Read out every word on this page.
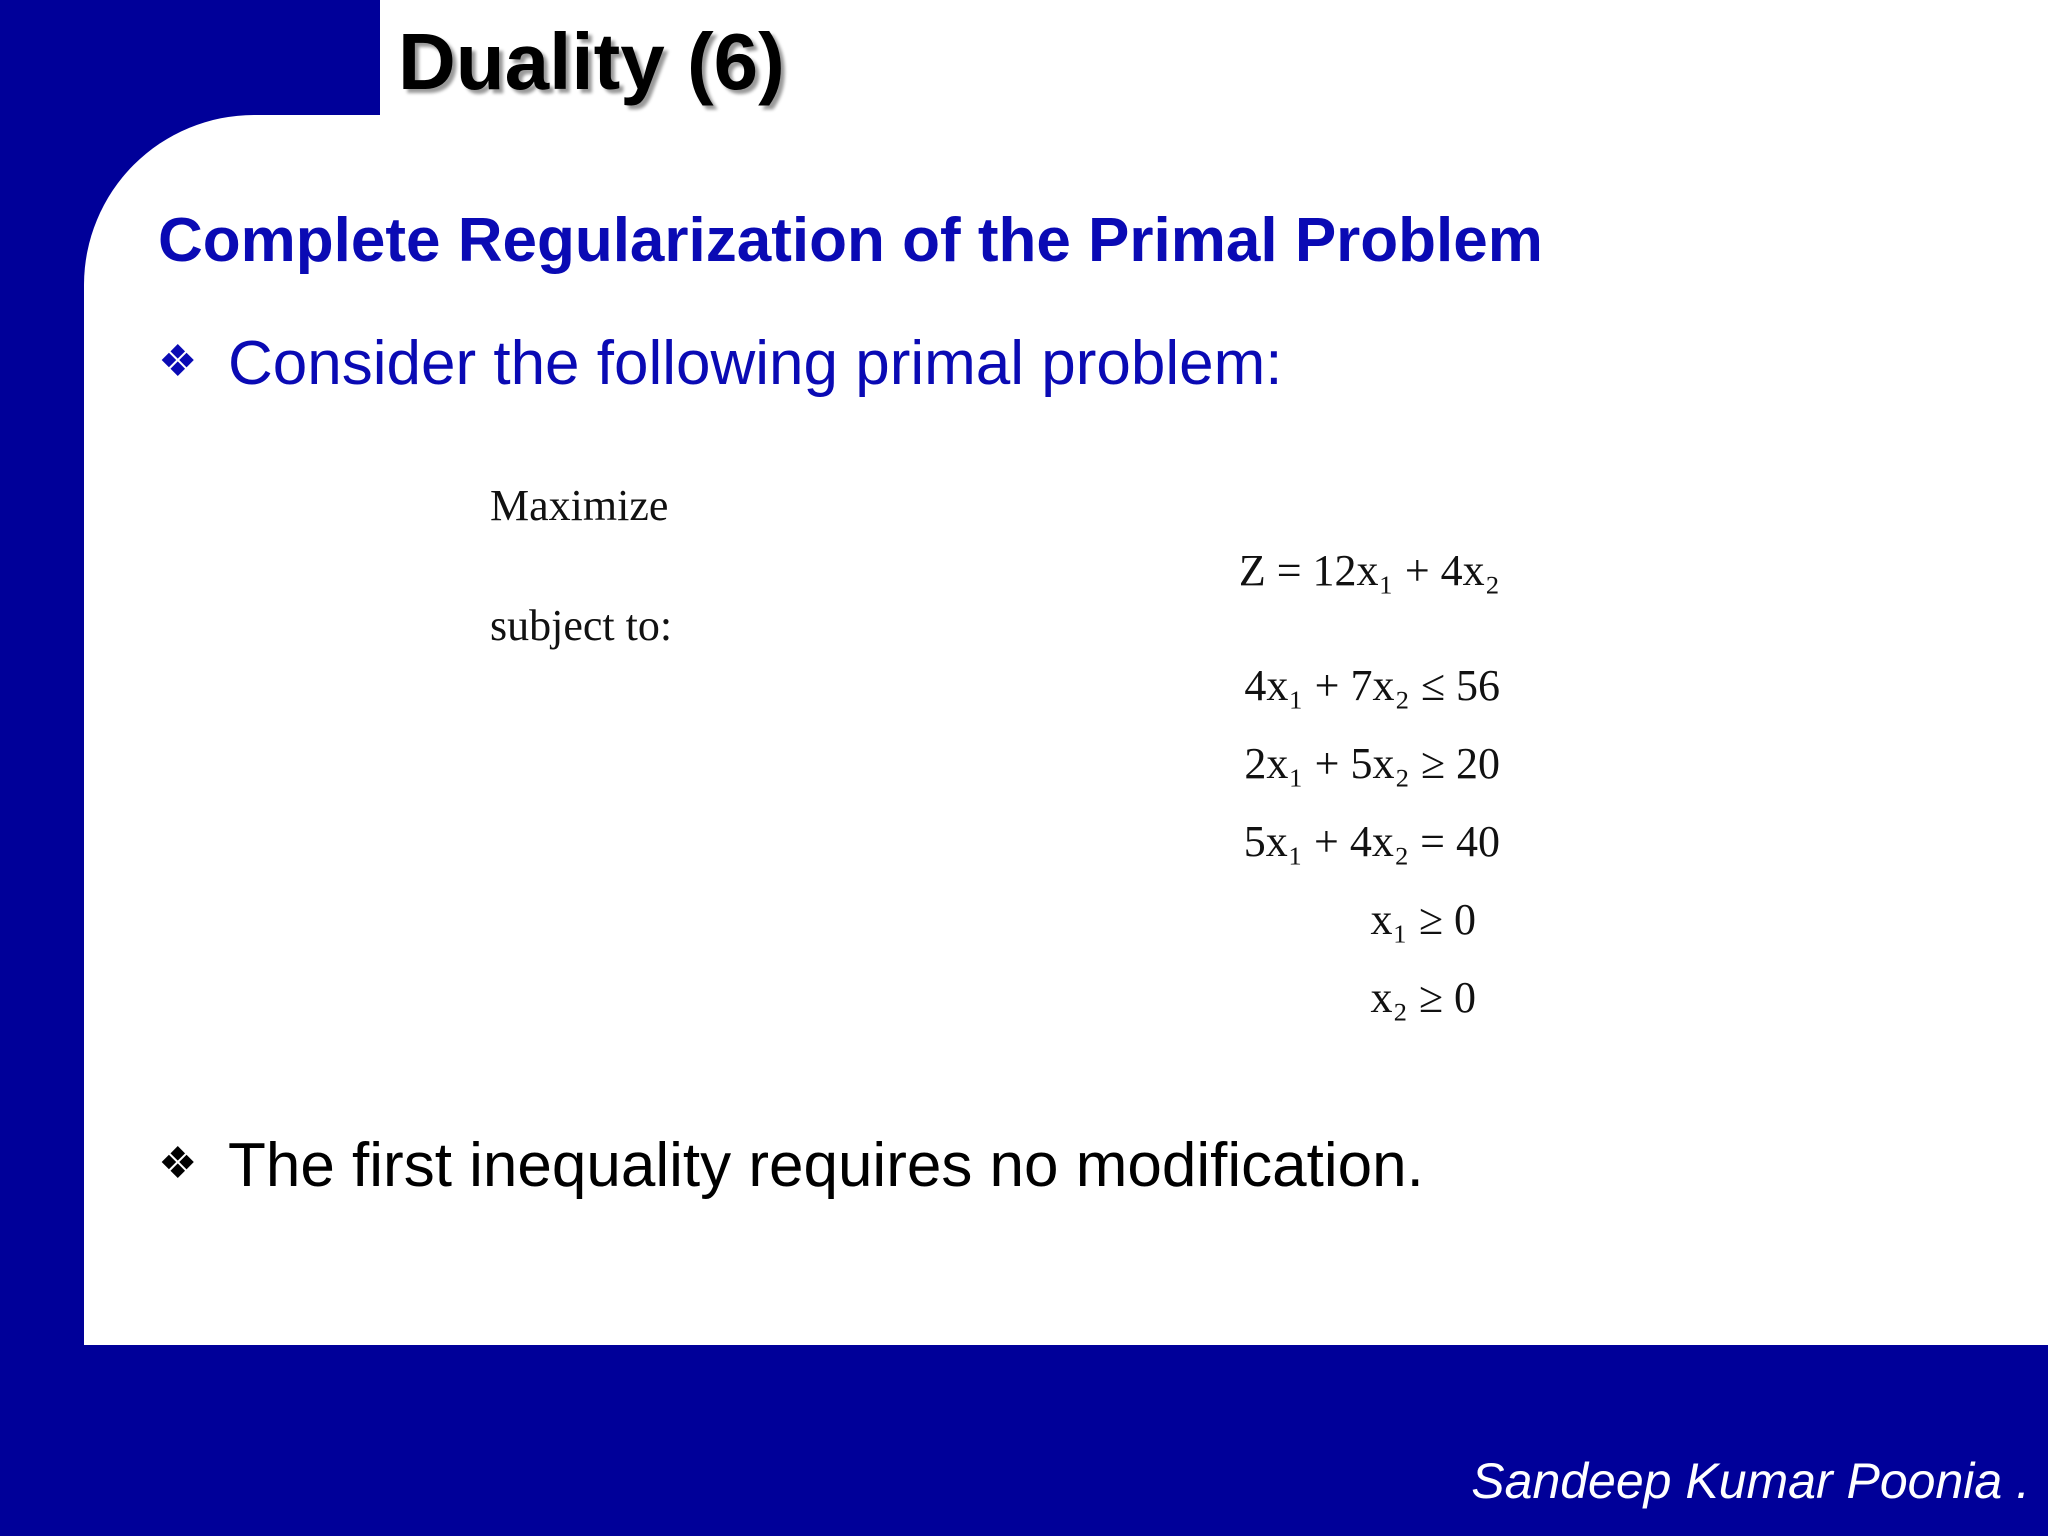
Duality (6)
Complete Regularization of the Primal Problem
❖ Consider the following primal problem:
Maximize
subject to:
Z = 12x₁ + 4x₂
4x₁ + 7x₂ ≤ 56
2x₁ + 5x₂ ≥ 20
5x₁ + 4x₂ = 40
x₁ ≥ 0
x₂ ≥ 0
❖ The first inequality requires no modification.
Sandeep Kumar Poonia .
